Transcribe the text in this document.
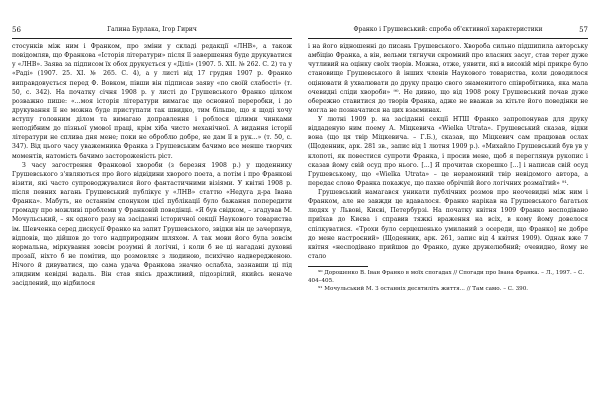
56	Галина Бурлака, Ігор Гирич

стосунків між ним і Франком, про зміни у складі редакції «ЛНВ», а також повідомляв, що Франкова «Історія літератури» після її завершення буде друкуватися у «ЛНВ». Заява за підписом їх обох друкується у «Ділі» (1907. 5. XII. № 262. С. 2) та у «Раді» (1907. 25. XI. № 265. С. 4), а у листі від 17 грудня 1907 р. Франко виправдовується перед Ф. Вовком, півши він підписав заяву «по своїй слабості» (т. 50, с. 342). На початку січня 1908 р. у листі до Грушевського Франко цілком розважно пише: «...моя історія літератури вимагає ще основної переробки, і до друкування її не можна буде приступати так швидко, тим більше, що я щоді хочу вступу головним ділом та вимагаю доправлення і роблося цілими чинками неподібним до пізньої умової праці, крім хіба чисто механічної. А видання історії літератури не сплива дня мене; поки не оброблю добре, не дам її в рук...» (т. 50, с. 347). Від цього часу уважемника Франка з Грушевським бачимо все менше творчих моментів, натомість бачимо застороженість ріст.

З часу загострення Франкової хвороби (з березня 1908 р.) у щоденнику Грушевського з'являються про його відвідини хворого поета, а потім і про Франкові візити, які часто супроводжувалися його фантастичними візіями. У квітні 1908 р. після певних вагань Грушевський публікує у «ЛНВ» статтю «Недуга д-ра Івана Франка». Мабуть, не останнім спонуком цієї публікації було бажання попередити громаду про можливі проблеми у Франковій поведінці. «Я був свідком, – згадував М. Мочульський, – як одного разу на засіданні історичної секції Наукового товариства ім. Шевченка серед дискусії Франко на запит Грушевського, звідки він це зачерпнув, відповів, що дійшов до того надприродним шляхом. А так мови його була зовсім нормальна, міркування зовсім розумні й логічні, і коли б не ці нагадані духовні прозаїї, ніхто б не помітив, що розмовляє з людиною, психічно надвередженою. Нічого й дивуватися, що сама удача Франкова значно ослабла, зазнавши ці під злидним кевідні вадаль. Він став якісь дражливий, підозрілий, якийсь неначе засідлений, що відбилося

Франко і Грушевський: спроба об'єктивної характеристики	57

і на його відношенні до писань Грушевського. Хвороба сильно підшипила авторську амбіцію Франка, а він, вельми тягнучи скромний про власних засуг, став теper дуже чутливий на оцінку своїх творів. Можна, отже, уявити, які в високій мірі прикре було становище Грушевського й інших членів Наукового товариства, коли доводилося оцінювати й ухвалювати до друку працю свого знаменитого співробітника, яка мала очевидні сліди хвороби» ⁹⁰. Не дивно, що від 1908 року Грушевський почав дуже обережно ставитися до творів Франка, адже не вважав за кітьте його поведінки не могла не позначатися на цих взаєминах.

У лютні 1909 р. на засіданні секції НТШ Франко запропонував для друку віддаденую ним поему А. Міцкевича «Wielka Utrata». Грушевський сказав, відки вона (що ця твір Міцкевича. – Г.Б.), сказав, що Міцкевич сам працював ослах (Щоденник, арк. 281 зв., запис від 1 лютня 1909 р.). «Михайло Грушевський був ув у клопоті, як повестися супроти Франка, і просив мене, щоб я переглянув рукопис і сказав йому свій осуд про нього. [...] Я прочитав скорешко [...] і написав свій осуд Грушевському, що «Wielka Utrata» – це нерамонний твір невідомого автора, а передає слово Франка покажує, що пахне обрічпій його логічних розмаїтий» ⁹¹.

Грушевський намагався уникати публічних розмов про неочевидні між ним і Франком, але не завжди це вдавалося. Франко нарікав на Грушевського багатьох людях у Львові, Києві, Петербурзі. На початку квітня 1909 Франко несподівано приїхав до Києва і справив тяжкі враження на всіх, в кому йому довелося спілкуватися. «Трохи було серцешенько умиланий з осереди, що Франко] не добре до мене настроєний» (Щоденник, арк. 261, запис від 4 квітня 1909). Однак вже 7 квітня «несподівано прийшов до Франко, дуже дружелюбний; очевидно, йому не стало

⁹⁰ Дорошенко В. Іван Франко в моїх спогадах // Спогади про Івана Франка. – Л., 1997. – С. 404–405.

⁹¹ Мочульський М. З останніх десятиліть життя... // Там само. – С. 390.
